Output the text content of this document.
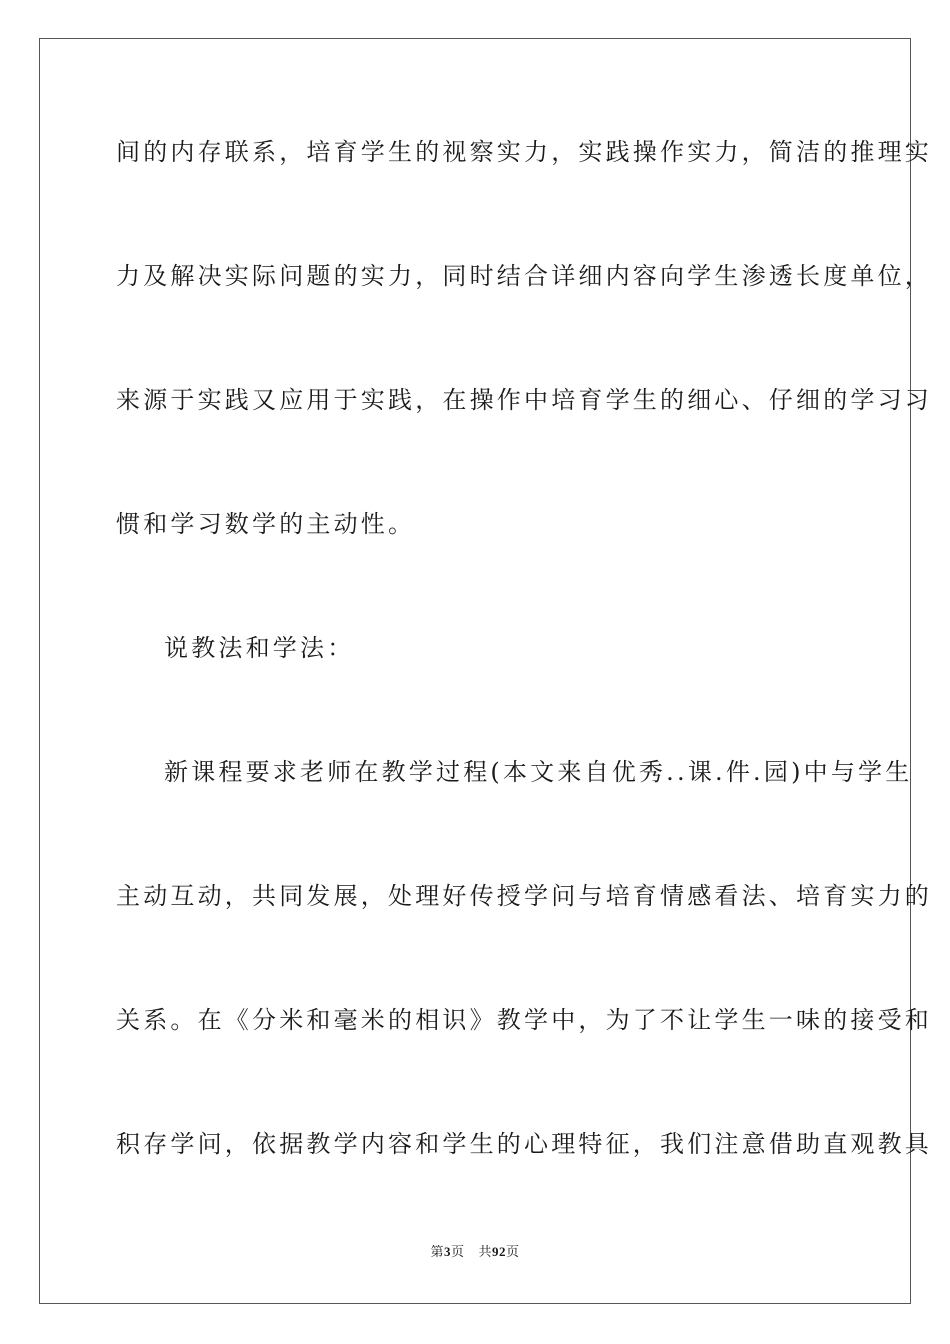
间的内存联系，培育学生的视察实力，实践操作实力，简洁的推理实
力及解决实际问题的实力，同时结合详细内容向学生渗透长度单位，
来源于实践又应用于实践，在操作中培育学生的细心、仔细的学习习
惯和学习数学的主动性。
说教法和学法：
新课程要求老师在教学过程(本文来自优秀..课.件.园)中与学生
主动互动，共同发展，处理好传授学问与培育情感看法、培育实力的
关系。在《分米和毫米的相识》教学中，为了不让学生一味的接受和
积存学问，依据教学内容和学生的心理特征，我们注意借助直观教具
第3页 共92页
